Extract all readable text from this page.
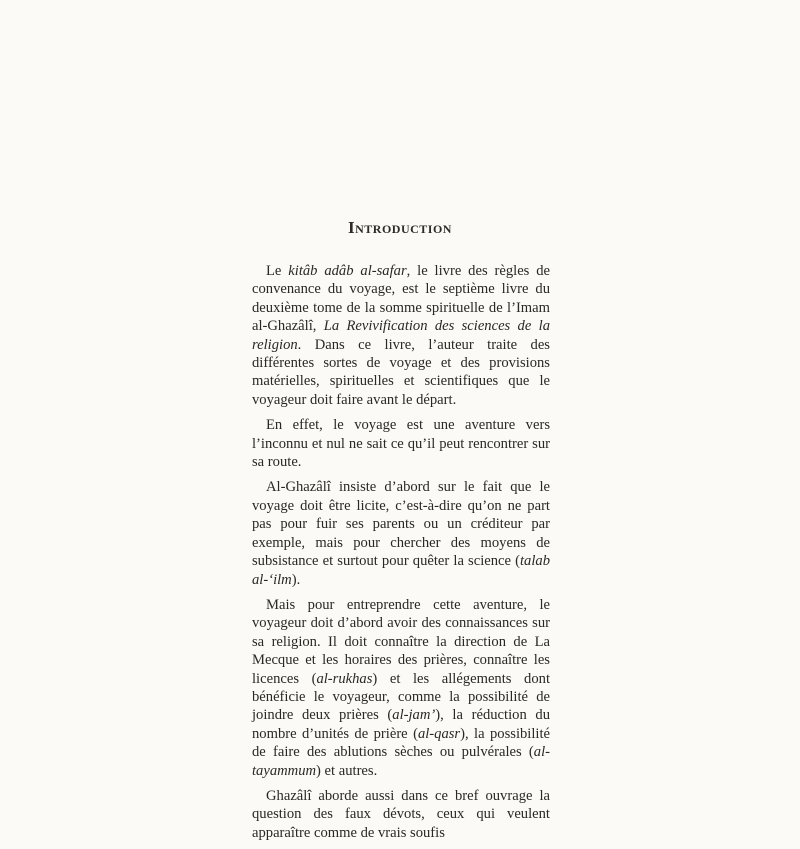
Introduction

Le kitâb adâb al-safar, le livre des règles de convenance du voyage, est le septième livre du deuxième tome de la somme spirituelle de l’Imam al-Ghazâlî, La Revivification des sciences de la religion. Dans ce livre, l’auteur traite des différentes sortes de voyage et des provisions matérielles, spirituelles et scientifiques que le voyageur doit faire avant le départ.

En effet, le voyage est une aventure vers l’inconnu et nul ne sait ce qu’il peut rencontrer sur sa route.

Al-Ghazâlî insiste d’abord sur le fait que le voyage doit être licite, c’est-à-dire qu’on ne part pas pour fuir ses parents ou un créditeur par exemple, mais pour chercher des moyens de subsistance et surtout pour quêter la science (talab al-‘ilm).

Mais pour entreprendre cette aventure, le voyageur doit d’abord avoir des connaissances sur sa religion. Il doit connaître la direction de La Mecque et les horaires des prières, connaître les licences (al-rukhas) et les allégements dont bénéficie le voyageur, comme la possibilité de joindre deux prières (al-jam’), la réduction du nombre d’unités de prière (al-qasr), la possibilité de faire des ablutions sèches ou pulvérales (al-tayammum) et autres.

Ghazâlî aborde aussi dans ce bref ouvrage la question des faux dévots, ceux qui veulent apparaître comme de vrais soufis
